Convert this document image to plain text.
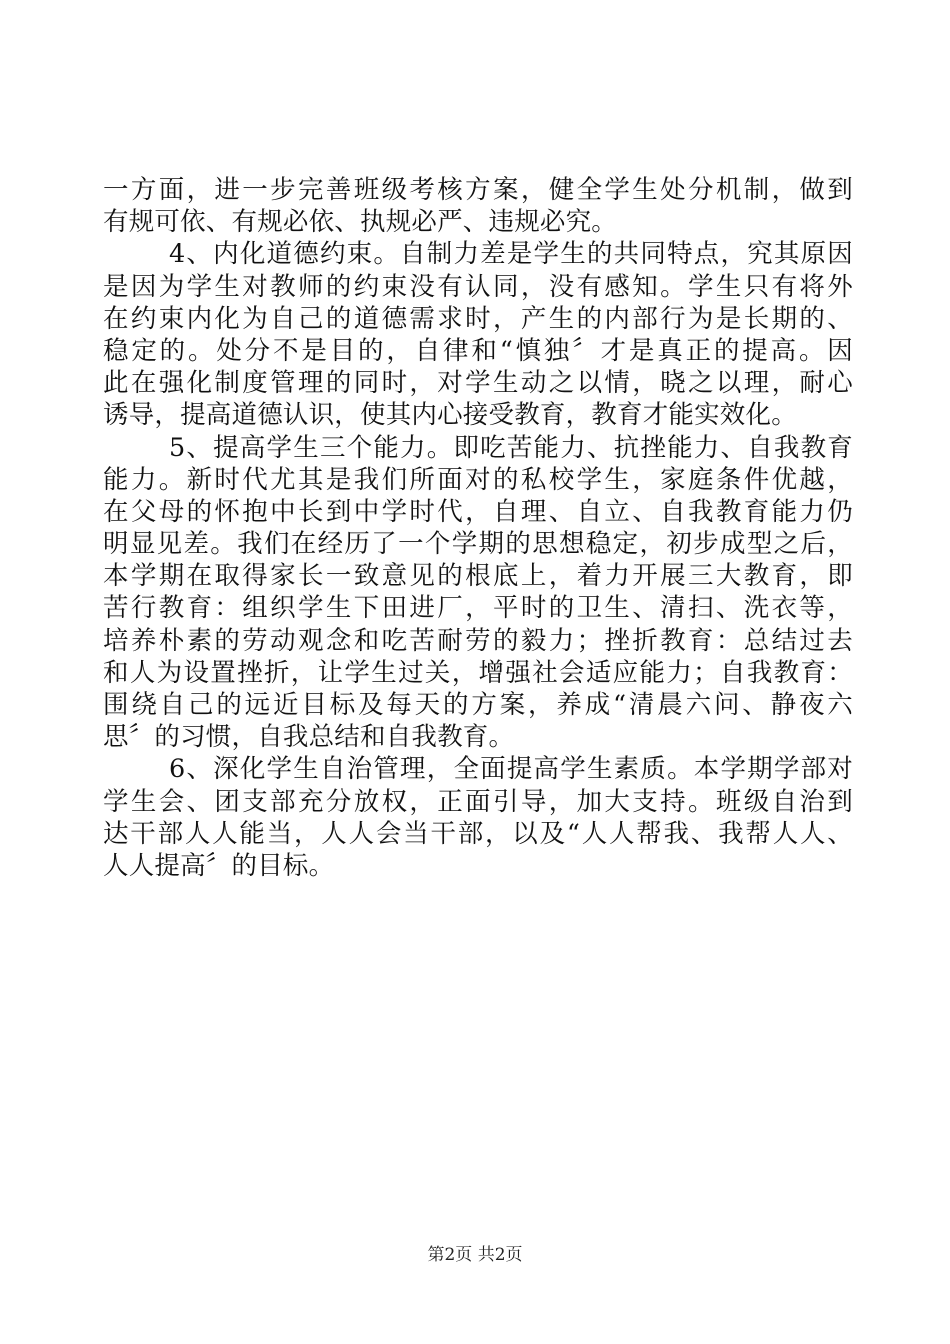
一方面，进一步完善班级考核方案，健全学生处分机制，做到
有规可依、有规必依、执规必严、违规必究。
4、内化道德约束。自制力差是学生的共同特点，究其原因
是因为学生对教师的约束没有认同，没有感知。学生只有将外
在约束内化为自己的道德需求时，产生的内部行为是长期的、
稳定的。处分不是目的，自律和“慎独〞才是真正的提高。因
此在强化制度管理的同时，对学生动之以情，晓之以理，耐心
诱导，提高道德认识，使其内心接受教育，教育才能实效化。
5、提高学生三个能力。即吃苦能力、抗挫能力、自我教育
能力。新时代尤其是我们所面对的私校学生，家庭条件优越，
在父母的怀抱中长到中学时代，自理、自立、自我教育能力仍
明显见差。我们在经历了一个学期的思想稳定，初步成型之后，
本学期在取得家长一致意见的根底上，着力开展三大教育，即
苦行教育：组织学生下田进厂，平时的卫生、清扫、洗衣等，
培养朴素的劳动观念和吃苦耐劳的毅力；挫折教育：总结过去
和人为设置挫折，让学生过关，增强社会适应能力；自我教育：
围绕自己的远近目标及每天的方案，养成“清晨六问、静夜六
思〞的习惯，自我总结和自我教育。
6、深化学生自治管理，全面提高学生素质。本学期学部对
学生会、团支部充分放权，正面引导，加大支持。班级自治到
达干部人人能当，人人会当干部，以及“人人帮我、我帮人人、
人人提高〞的目标。
第2页 共2页
